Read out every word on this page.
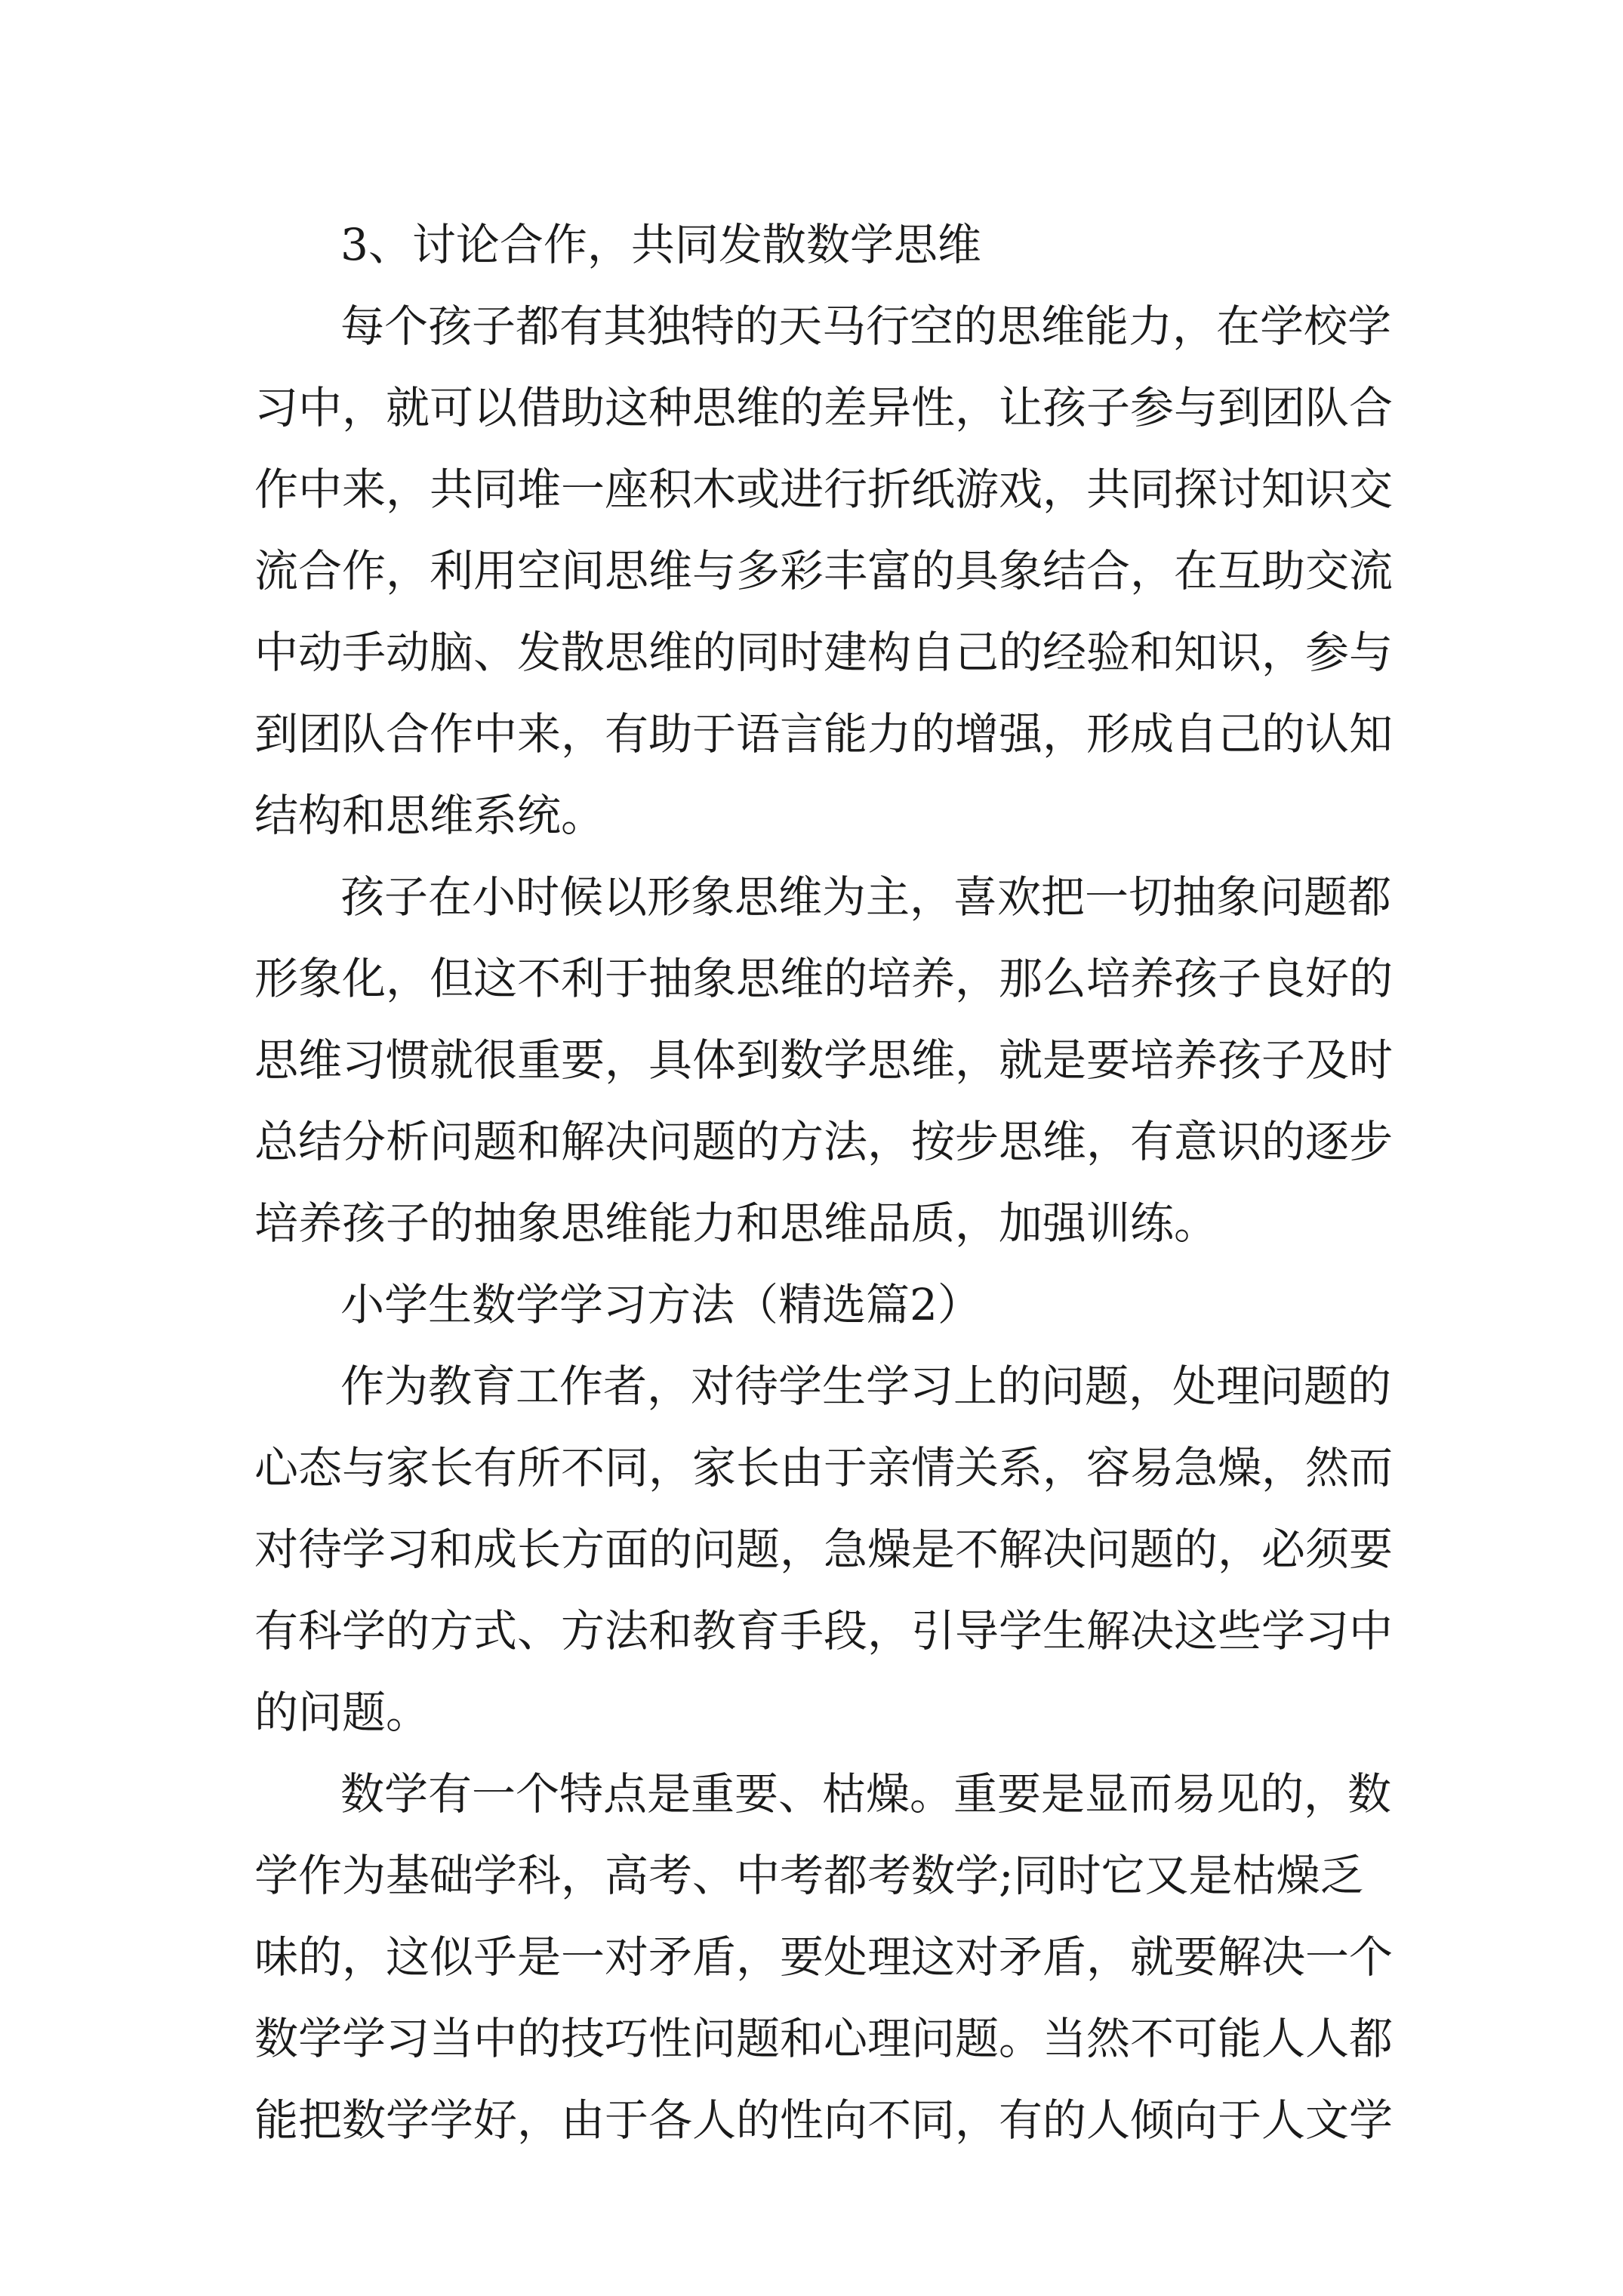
3、讨论合作，共同发散数学思维
每个孩子都有其独特的天马行空的思维能力，在学校学
习中，就可以借助这种思维的差异性，让孩子参与到团队合
作中来，共同堆一座积木或进行折纸游戏，共同探讨知识交
流合作，利用空间思维与多彩丰富的具象结合，在互助交流
中动手动脑、发散思维的同时建构自己的经验和知识，参与
到团队合作中来，有助于语言能力的增强，形成自己的认知
结构和思维系统。
孩子在小时候以形象思维为主，喜欢把一切抽象问题都
形象化，但这不利于抽象思维的培养，那么培养孩子良好的
思维习惯就很重要，具体到数学思维，就是要培养孩子及时
总结分析问题和解决问题的方法，按步思维，有意识的逐步
培养孩子的抽象思维能力和思维品质，加强训练。
小学生数学学习方法（精选篇2）
作为教育工作者，对待学生学习上的问题，处理问题的
心态与家长有所不同，家长由于亲情关系，容易急燥，然而
对待学习和成长方面的问题，急燥是不解决问题的，必须要
有科学的方式、方法和教育手段，引导学生解决这些学习中
的问题。
数学有一个特点是重要、枯燥。重要是显而易见的，数
学作为基础学科，高考、中考都考数学;同时它又是枯燥乏
味的，这似乎是一对矛盾，要处理这对矛盾，就要解决一个
数学学习当中的技巧性问题和心理问题。当然不可能人人都
能把数学学好，由于各人的性向不同，有的人倾向于人文学
